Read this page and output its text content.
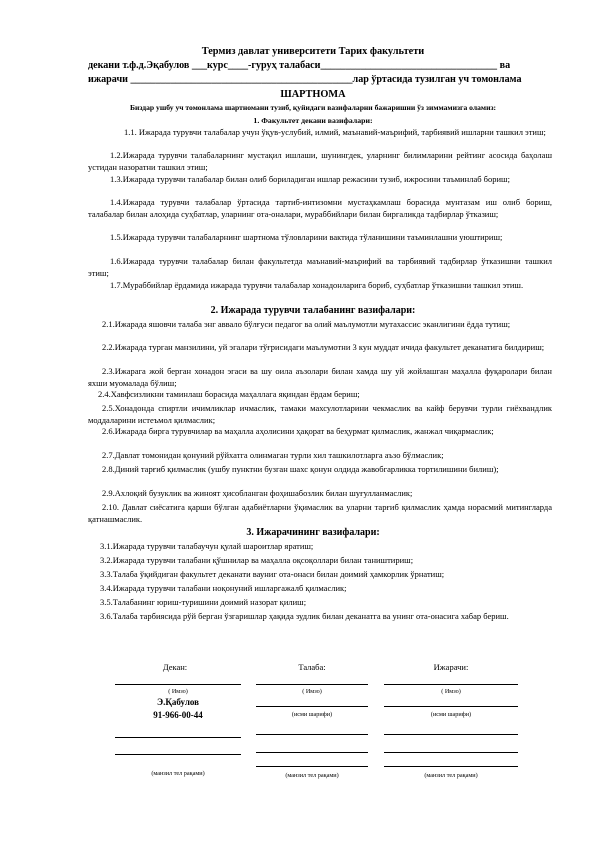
Термиз давлат университети Тарих факультети
декани т.ф.д.Эқабулов ___курс____-гуруҳ талабаси___________________________________ ва
ижарачи ____________________________________________лар ўртасида тузилган уч томонлама
ШАРТНОМА
Биздар ушбу уч томонлама шартномани тузиб, қуйидаги вазифаларни бажаришни ўз зиммамизга оламиз:
1. Факультет декани вазифалари:
1.1. Ижарада турувчи талабалар учун ўқув-услубий, илмий, маънавий-маърифий, тарбиявий ишларни ташкил этиш;
1.2.Ижарада турувчи талабаларнинг мустақил ишлаши, шунингдек, уларнинг билимларини рейтинг асосида баҳолаш устидан назоратни ташкил этиш;
1.3.Ижарада турувчи талабалар билан олиб бориладиган ишлар режасини тузиб, ижросини таъминлаб бориш;
1.4.Ижарада турувчи талабалар ўртасида тартиб-интизомни мустаҳкамлаш борасида мунтазам иш олиб бориш, талабалар билан алоҳида суҳбатлар, уларнинг ота-оналари, мураббийлари билан биргаликда тадбирлар ўтказиш;
1.5.Ижарада турувчи талабаларнинг шартнома тўловларини вактида тўланишини таъминлашни уюштириш;
1.6.Ижарада турувчи талабалар билан факультетда маънавий-маърифий ва тарбиявий тадбирлар ўтказишни ташкил этиш;
1.7.Мураббийлар ёрдамида ижарада турувчи талабалар хонадонларига бориб, суҳбатлар ўтказишни ташкил этиш.
2. Ижарада турувчи талабанинг вазифалари:
2.1.Ижарада яшовчи талаба энг аввало бўлғуси педагог ва олий маълумотли мутахассис эканлигини ёдда тутиш;
2.2.Ижарада турган манзилини, уй эгалари тўғрисидаги маълумотни 3 кун муддат ичида факультет деканатига билдириш;
2.3.Ижарага жой берган хонадон эгаси ва шу оила аъзолари билан хамда шу уй жойлашган маҳалла фуқаролари билан яхши муомалада бўлиш;
2.4.Хавфсизликни таминлаш борасида маҳаллага яқиндан ёрдам бериш;
2.5.Хонадонда спиртли ичимликлар ичмаслик, тамаки махсулотларини чекмаслик ва кайф берувчи турли гиёхвандлик моддаларини истеъмол қилмаслик;
2.6.Ижарада бирга турувчилар ва маҳалла аҳолисини ҳақорат ва беҳурмат қилмаслик, жанжал чиқармаслик;
2.7.Давлат томонидан қонуний рўйхатга олинмаган турли хил ташкилотларга аъзо бўлмаслик;
2.8.Диний тарғиб қилмаслик (ушбу пунктни бузган шахс қонун олдида жавобгарликка тортилишини билиш);
2.9.Ахлоқий бузуклик ва жиноят ҳисобланган фоҳишабозлик билан шуғулланмаслик;
2.10. Давлат сиёсатига қарши бўлган адабиётларни ўқимаслик ва уларни тарғиб қилмаслик ҳамда норасмий митингларда қатнашмаслик.
3. Ижарачининг вазифалари:
3.1.Ижарада турувчи талабаучун қулай шароитлар яратиш;
3.2.Ижарада турувчи талабани қўшнилар ва маҳалла оқсоқоллари билан таништириш;
3.3.Талаба ўқийдиган факультет деканати вауниг ота-онаси билан доимий ҳамкорлик ўрнатиш;
3.4.Ижарада турувчи талабани ноқонуний ишларгажалб қилмаслик;
3.5.Талабанинг юриш-туришини доимий назорат қилиш;
3.6.Талаба тарбиясида рўй берган ўзгаришлар ҳақида зудлик билан деканатга ва унинг ота-онасига хабар бериш.
Декан:
( Имзо)
Э.Қабулов
91-966-00-44
(манзил тел рақами)
Талаба:
( Имзо)
(исми шарифи)
(манзил тел рақами)
Ижарачи:
( Имзо)
(исми шарифи)
(манзил тел рақами)
